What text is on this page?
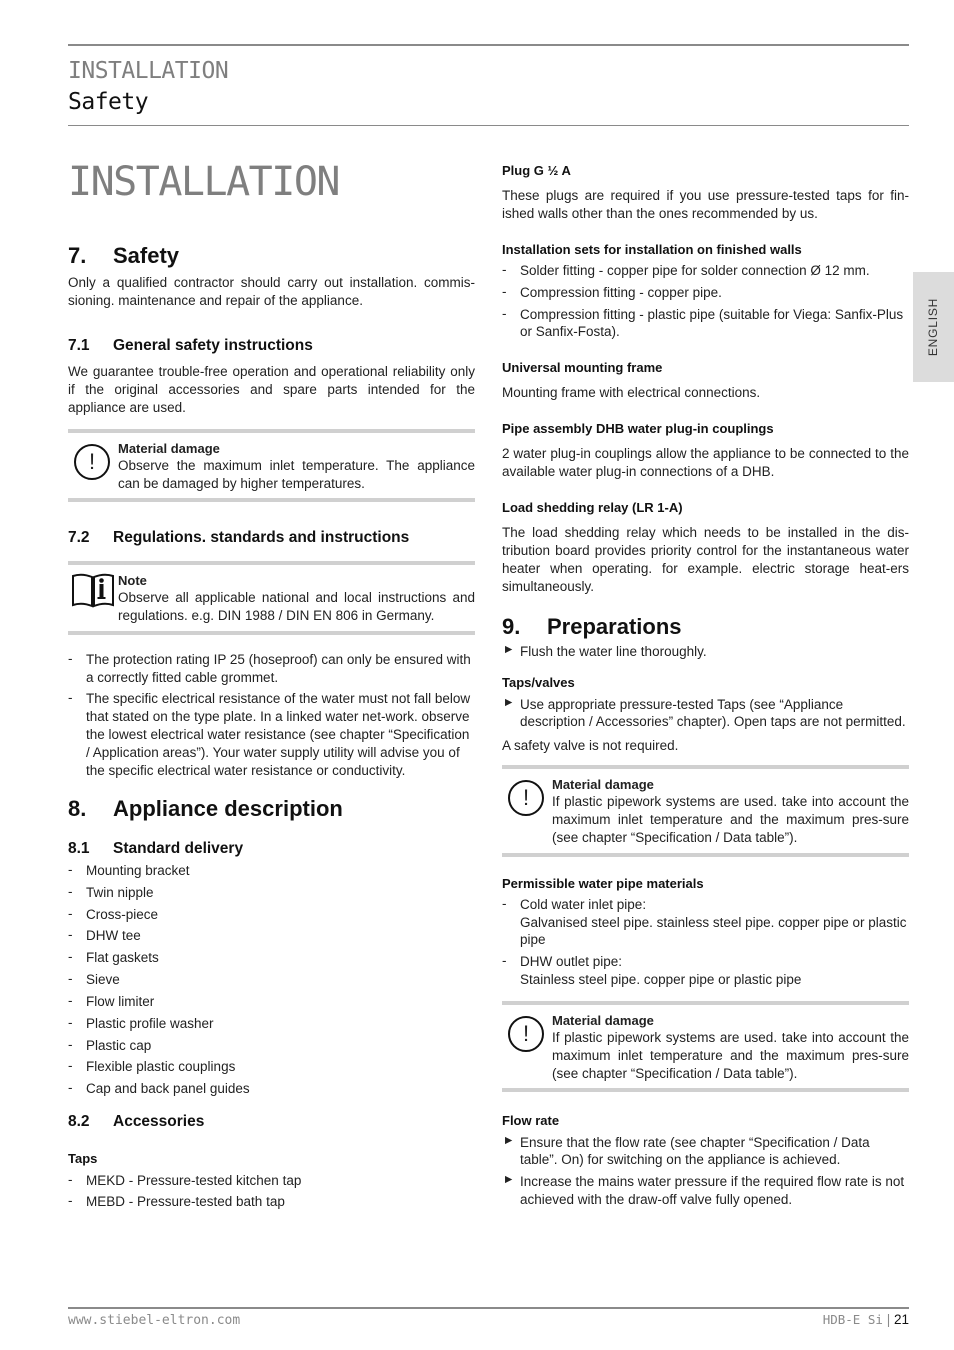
INSTALLATION
Safety
ENGLISH
INSTALLATION
7.	Safety

Only a qualified contractor should carry out installation. commis-sioning. maintenance and repair of the appliance.

7.1	General safety instructions

We guarantee trouble-free operation and operational reliability only if the original accessories and spare parts intended for the appliance are used.

!
Material damage
Observe the maximum inlet temperature. The appliance can be damaged by higher temperatures.
7.2	Regulations. standards and instructions
Note
Observe all applicable national and local instructions and regulations. e.g. DIN 1988 / DIN EN 806 in Germany.
- The protection rating IP 25 (hoseproof) can only be ensured with a correctly fitted cable grommet.
- The specific electrical resistance of the water must not fall below that stated on the type plate. In a linked water net-work. observe the lowest electrical water resistance (see chapter “Specification / Application areas”). Your water supply utility will advise you of the specific electrical water resistance or conductivity.
8.	Appliance description
8.1	Standard delivery
- Mounting bracket
- Twin nipple
- Cross-piece
- DHW tee
- Flat gaskets
- Sieve
- Flow limiter
- Plastic profile washer
- Plastic cap
- Flexible plastic couplings
- Cap and back panel guides
8.2	Accessories
Taps
- MEKD - Pressure-tested kitchen tap
- MEBD - Pressure-tested bath tap
Plug G ½ A

These plugs are required if you use pressure-tested taps for fin-ished walls other than the ones recommended by us.

Installation sets for installation on finished walls
- Solder fitting - copper pipe for solder connection Ø 12 mm.
- Compression fitting - copper pipe.
- Compression fitting - plastic pipe (suitable for Viega: Sanfix-Plus or Sanfix-Fosta).
Universal mounting frame

Mounting frame with electrical connections.

Pipe assembly DHB water plug-in couplings

2 water plug-in couplings allow the appliance to be connected to the available water plug-in connections of a DHB.

Load shedding relay (LR 1-A)

The load shedding relay which needs to be installed in the dis-tribution board provides priority control for the instantaneous water heater when operating. for example. electric storage heat-ers simultaneously.

9.	Preparations
▶ Flush the water line thoroughly.
Taps/valves
▶ Use appropriate pressure-tested Taps (see “Appliance description / Accessories” chapter). Open taps are not permitted.

A safety valve is not required.

!
Material damage
If plastic pipework systems are used. take into account the maximum inlet temperature and the maximum pres-sure (see chapter “Specification / Data table”).
Permissible water pipe materials
- Cold water inlet pipe:
Galvanised steel pipe. stainless steel pipe. copper pipe or plastic pipe
- DHW outlet pipe:
Stainless steel pipe. copper pipe or plastic pipe
!
Material damage
If plastic pipework systems are used. take into account the maximum inlet temperature and the maximum pres-sure (see chapter “Specification / Data table”).
Flow rate
▶ Ensure that the flow rate (see chapter “Specification / Data table”. On) for switching on the appliance is achieved.
▶ Increase the mains water pressure if the required flow rate is not achieved with the draw-off valve fully opened.
www.stiebel-eltron.com	HDB-E Si | 21
